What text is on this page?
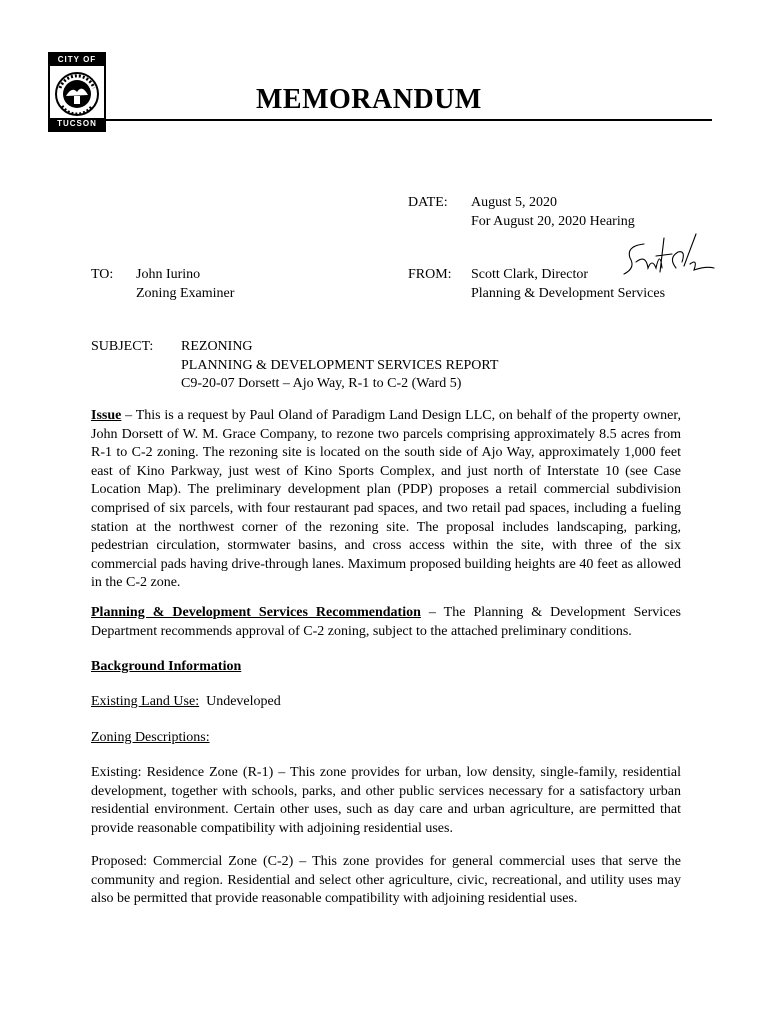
CITY OF
TUCSON
MEMORANDUM
DATE: August 5, 2020
For August 20, 2020 Hearing
TO: John Iurino
Zoning Examiner
FROM: Scott Clark, Director
Planning & Development Services
SUBJECT: REZONING
PLANNING & DEVELOPMENT SERVICES REPORT
C9-20-07 Dorsett – Ajo Way, R-1 to C-2 (Ward 5)
Issue – This is a request by Paul Oland of Paradigm Land Design LLC, on behalf of the property owner, John Dorsett of W. M. Grace Company, to rezone two parcels comprising approximately 8.5 acres from R-1 to C-2 zoning. The rezoning site is located on the south side of Ajo Way, approximately 1,000 feet east of Kino Parkway, just west of Kino Sports Complex, and just north of Interstate 10 (see Case Location Map). The preliminary development plan (PDP) proposes a retail commercial subdivision comprised of six parcels, with four restaurant pad spaces, and two retail pad spaces, including a fueling station at the northwest corner of the rezoning site. The proposal includes landscaping, parking, pedestrian circulation, stormwater basins, and cross access within the site, with three of the six commercial pads having drive-through lanes. Maximum proposed building heights are 40 feet as allowed in the C-2 zone.
Planning & Development Services Recommendation – The Planning & Development Services Department recommends approval of C-2 zoning, subject to the attached preliminary conditions.
Background Information
Existing Land Use:  Undeveloped
Zoning Descriptions:
Existing: Residence Zone (R-1) – This zone provides for urban, low density, single-family, residential development, together with schools, parks, and other public services necessary for a satisfactory urban residential environment. Certain other uses, such as day care and urban agriculture, are permitted that provide reasonable compatibility with adjoining residential uses.
Proposed: Commercial Zone (C-2) – This zone provides for general commercial uses that serve the community and region. Residential and select other agriculture, civic, recreational, and utility uses may also be permitted that provide reasonable compatibility with adjoining residential uses.
